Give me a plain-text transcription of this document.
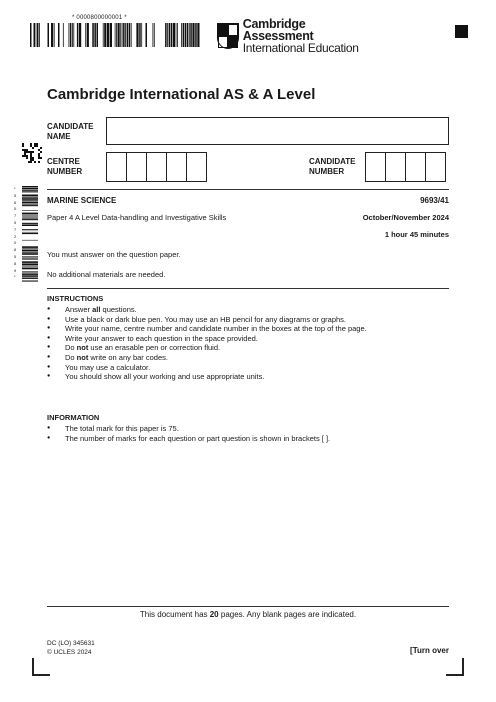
* 0000800000001 *	Cambridge Assessment
International Education
Cambridge International AS & A Level
CANDIDATE
NAME
CENTRE
NUMBER
CANDIDATE
NUMBER
*
5
6
0
7
5
7
2
0
8
5
8
9
*
MARINE SCIENCE	9693/41
Paper 4 A Level Data-handling and Investigative Skills	October/November 2024
1 hour 45 minutes
You must answer on the question paper.
No additional materials are needed.
INSTRUCTIONS
● Answer all questions.
● Use a black or dark blue pen. You may use an HB pencil for any diagrams or graphs.
● Write your name, centre number and candidate number in the boxes at the top of the page.
● Write your answer to each question in the space provided.
● Do not use an erasable pen or correction fluid.
● Do not write on any bar codes.
● You may use a calculator.
● You should show all your working and use appropriate units.
INFORMATION
● The total mark for this paper is 75.
● The number of marks for each question or part question is shown in brackets [ ].
This document has 20 pages. Any blank pages are indicated.
DC (LO) 345631
© UCLES 2024	[Turn over
